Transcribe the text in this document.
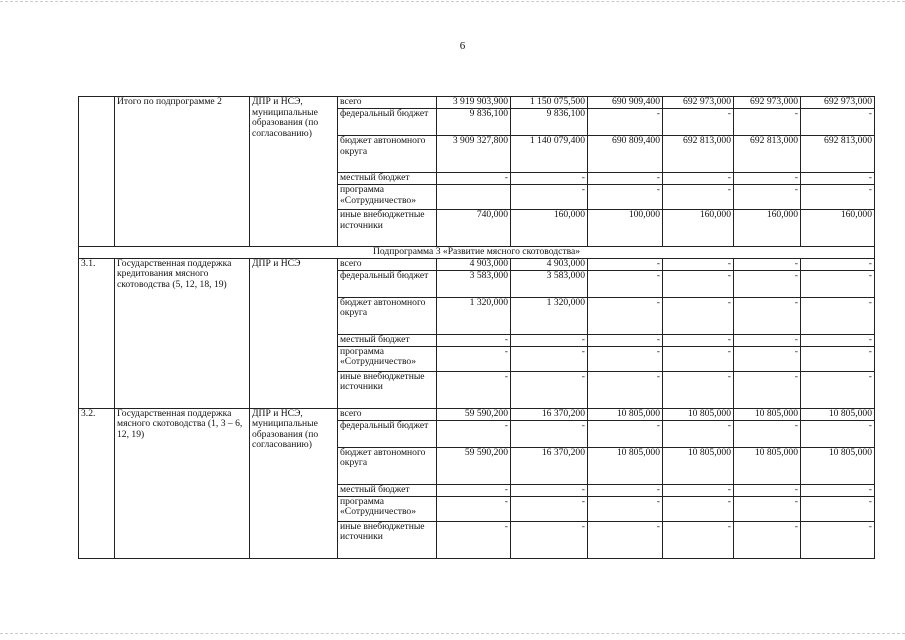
6
	Итого по подпрограмме 2	ДПР и НСЭ, муниципальные образования (по согласованию)	всего	3 919 903,900	1 150 075,500	690 909,400	692 973,000	692 973,000	692 973,000
			федеральный бюджет	9 836,100	9 836,100	-	-	-	-
			бюджет автономного округа	3 909 327,800	1 140 079,400	690 809,400	692 813,000	692 813,000	692 813,000
			местный бюджет	-	-	-	-	-	-
			программа «Сотрудничество»		-	-	-	-	-
			иные внебюджетные источники	740,000	160,000	100,000	160,000	160,000	160,000
Подпрограмма 3 «Развитие мясного скотоводства»									
3.1.	Государственная поддержка кредитования мясного скотоводства (5, 12, 18, 19)	ДПР и НСЭ	всего	4 903,000	4 903,000	-	-	-	-
			федеральный бюджет	3 583,000	3 583,000	-	-	-	-
			бюджет автономного округа	1 320,000	1 320,000	-	-	-	-
			местный бюджет	-	-	-	-	-	-
			программа «Сотрудничество»	-	-	-	-	-	-
			иные внебюджетные источники	-	-	-	-	-	-
3.2.	Государственная поддержка мясного скотоводства (1, 3 – 6, 12, 19)	ДПР и НСЭ, муниципальные образования (по согласованию)	всего	59 590,200	16 370,200	10 805,000	10 805,000	10 805,000	10 805,000
			федеральный бюджет	-	-	-	-	-	-
			бюджет автономного округа	59 590,200	16 370,200	10 805,000	10 805,000	10 805,000	10 805,000
			местный бюджет	-	-	-	-	-	-
			программа «Сотрудничество»	-	-	-	-	-	-
			иные внебюджетные источники	-	-	-	-	-	-
